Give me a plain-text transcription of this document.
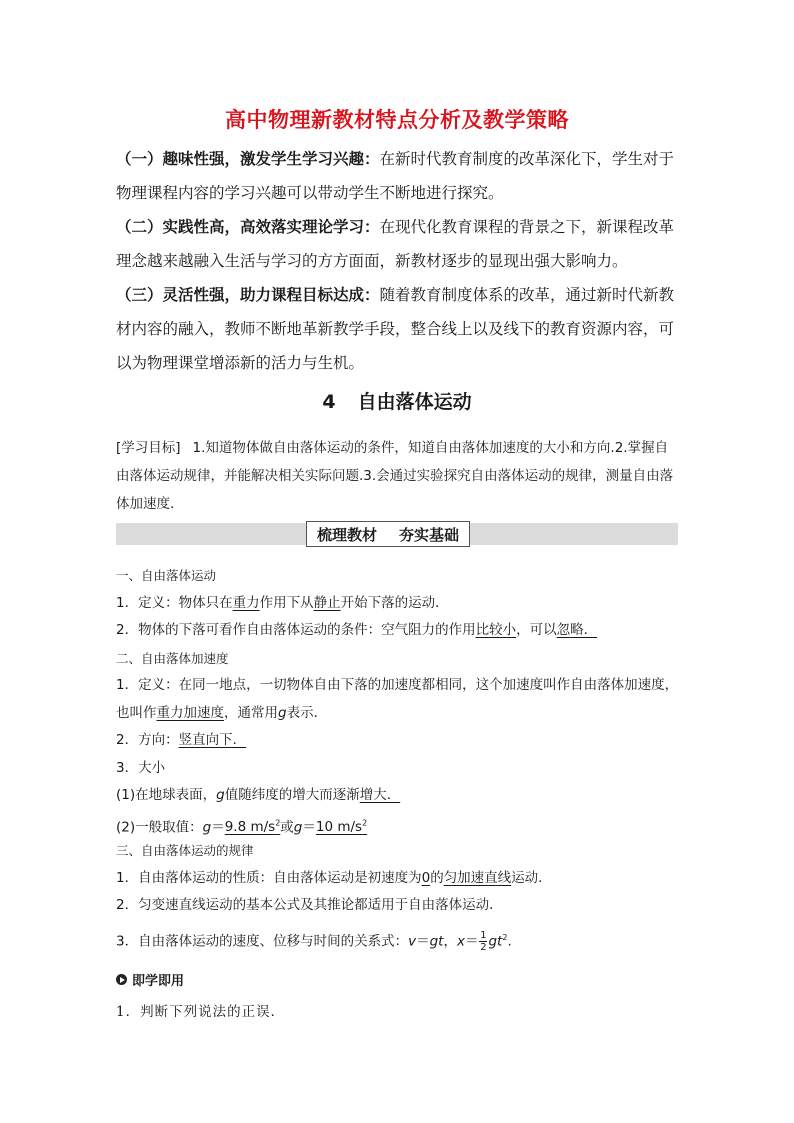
高中物理新教材特点分析及教学策略

（一）趣味性强，激发学生学习兴趣：在新时代教育制度的改革深化下，学生对于物理课程内容的学习兴趣可以带动学生不断地进行探究。

（二）实践性高，高效落实理论学习：在现代化教育课程的背景之下，新课程改革理念越来越融入生活与学习的方方面面，新教材逐步的显现出强大影响力。

（三）灵活性强，助力课程目标达成：随着教育制度体系的改革，通过新时代新教材内容的融入，教师不断地革新教学手段，整合线上以及线下的教育资源内容，可以为物理课堂增添新的活力与生机。

4 自由落体运动
[学习目标] 1.知道物体做自由落体运动的条件，知道自由落体加速度的大小和方向.2.掌握自由落体运动规律，并能解决相关实际问题.3.会通过实验探究自由落体运动的规律，测量自由落体加速度.
梳理教材 夯实基础
一、自由落体运动
1．定义：物体只在重力作用下从静止开始下落的运动．
2．物体的下落可看作自由落体运动的条件：空气阻力的作用比较小，可以忽略．
二、自由落体加速度
1．定义：在同一地点，一切物体自由下落的加速度都相同，这个加速度叫作自由落体加速度，
也叫作重力加速度，通常用g表示．
2．方向：竖直向下．
3．大小
(1)在地球表面，g值随纬度的增大而逐渐增大．
(2)一般取值：g＝9.8 $m/s^2$或g＝10 $m/s^2$
三、自由落体运动的规律
1．自由落体运动的性质：自由落体运动是初速度为0的匀加速直线运动．
2．匀变速直线运动的基本公式及其推论都适用于自由落体运动．
3．自由落体运动的速度、位移与时间的关系式：v＝gt，$x= \frac{1}{2} gt^2$.
即学即用
1．判断下列说法的正误．
